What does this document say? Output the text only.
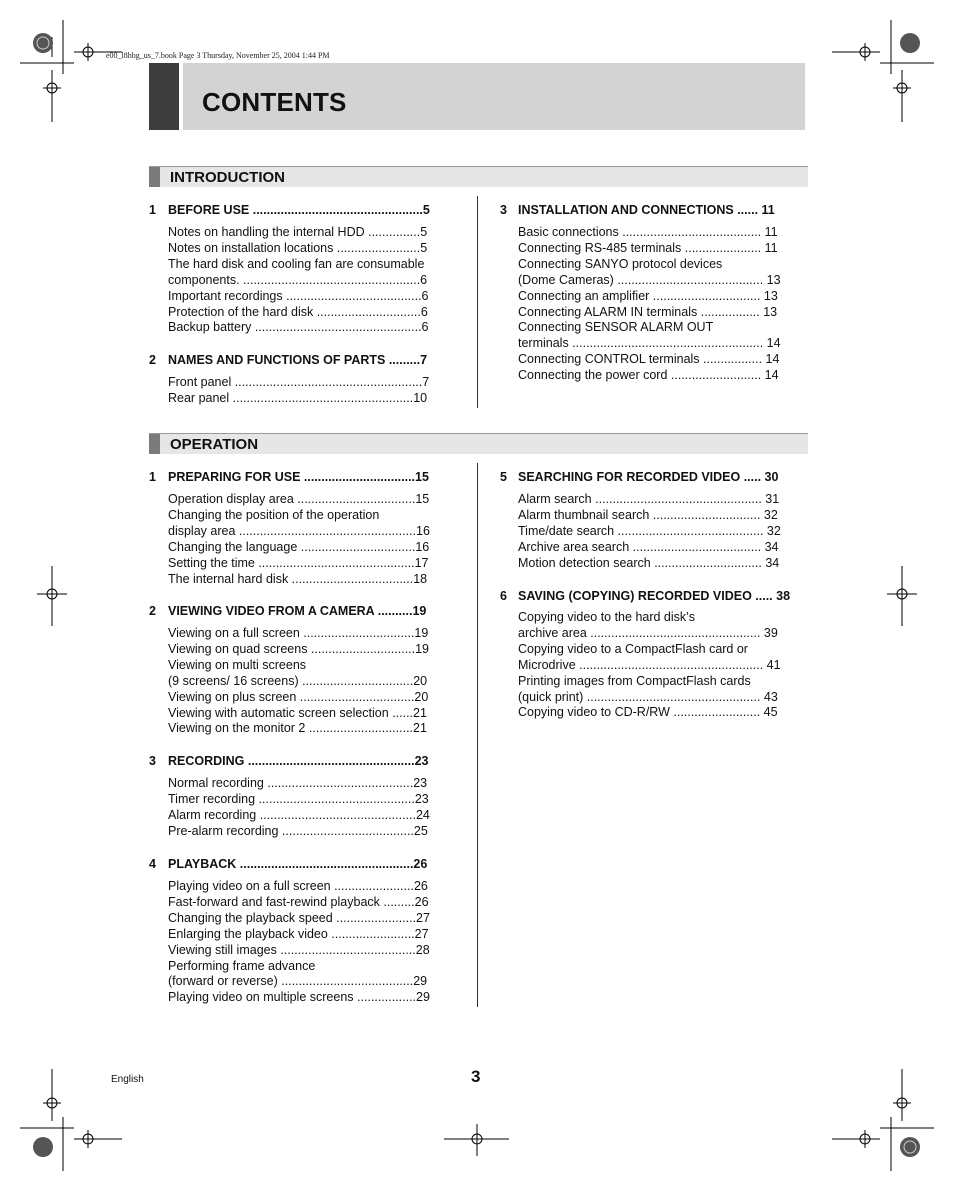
e00_l8hbg_us_7.book Page 3 Thursday, November 25, 2004 1:44 PM
CONTENTS
INTRODUCTION
1 BEFORE USE .................................................5
Notes on handling the internal HDD ...............5
Notes on installation locations ........................5
The hard disk and cooling fan are consumable
components. ...................................................6
Important recordings .......................................6
Protection of the hard disk ..............................6
Backup battery ................................................6
2 NAMES AND FUNCTIONS OF PARTS .........7
Front panel ......................................................7
Rear panel ....................................................10
3 INSTALLATION AND CONNECTIONS ...... 11
Basic connections ........................................ 11
Connecting RS-485 terminals ...................... 11
Connecting SANYO protocol devices
(Dome Cameras) .......................................... 13
Connecting an amplifier ............................... 13
Connecting ALARM IN terminals ................. 13
Connecting SENSOR ALARM OUT
terminals ....................................................... 14
Connecting CONTROL terminals ................. 14
Connecting the power cord .......................... 14
OPERATION
1 PREPARING FOR USE ................................15
Operation display area ..................................15
Changing the position of the operation
display area ...................................................16
Changing the language .................................16
Setting the time .............................................17
The internal hard disk ...................................18
2 VIEWING VIDEO FROM A CAMERA ..........19
Viewing on a full screen ................................19
Viewing on quad screens ..............................19
Viewing on multi screens
(9 screens/ 16 screens) ................................20
Viewing on plus screen .................................20
Viewing with automatic screen selection ......21
Viewing on the monitor 2 ..............................21
3 RECORDING ................................................23
Normal recording ..........................................23
Timer recording .............................................23
Alarm recording .............................................24
Pre-alarm recording ......................................25
4 PLAYBACK ..................................................26
Playing video on a full screen .......................26
Fast-forward and fast-rewind playback .........26
Changing the playback speed .......................27
Enlarging the playback video ........................27
Viewing still images .......................................28
Performing frame advance
(forward or reverse) ......................................29
Playing video on multiple screens .................29
5 SEARCHING FOR RECORDED VIDEO ..... 30
Alarm search ................................................ 31
Alarm thumbnail search ............................... 32
Time/date search .......................................... 32
Archive area search ..................................... 34
Motion detection search ............................... 34
6 SAVING (COPYING) RECORDED VIDEO ..... 38
Copying video to the hard disk’s
archive area ................................................. 39
Copying video to a CompactFlash card or
Microdrive ..................................................... 41
Printing images from CompactFlash cards
(quick print) .................................................. 43
Copying video to CD-R/RW ......................... 45
English	3
